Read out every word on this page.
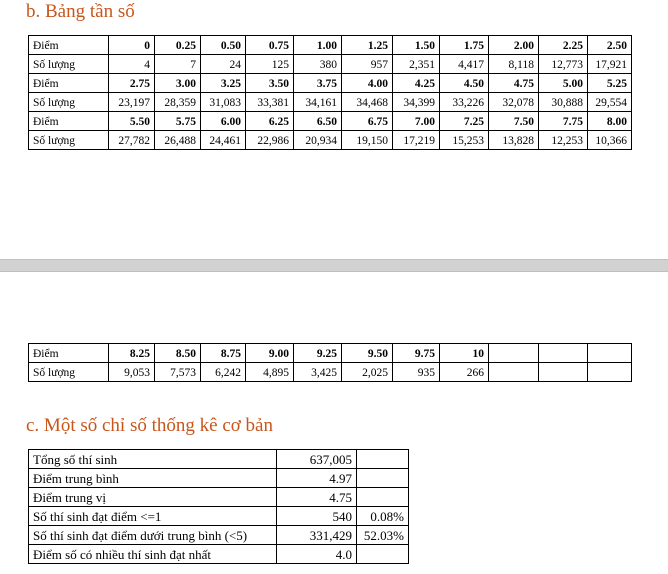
b. Bảng tần số
Điểm	0	0.25	0.50	0.75	1.00	1.25	1.50	1.75	2.00	2.25	2.50
Số lượng	4	7	24	125	380	957	2,351	4,417	8,118	12,773	17,921
Điểm	2.75	3.00	3.25	3.50	3.75	4.00	4.25	4.50	4.75	5.00	5.25
Số lượng	23,197	28,359	31,083	33,381	34,161	34,468	34,399	33,226	32,078	30,888	29,554
Điểm	5.50	5.75	6.00	6.25	6.50	6.75	7.00	7.25	7.50	7.75	8.00
Số lượng	27,782	26,488	24,461	22,986	20,934	19,150	17,219	15,253	13,828	12,253	10,366
Điểm	8.25	8.50	8.75	9.00	9.25	9.50	9.75	10			
Số lượng	9,053	7,573	6,242	4,895	3,425	2,025	935	266			
c. Một số chỉ số thống kê cơ bản
Tổng số thí sinh	637,005	
Điểm trung bình	4.97	
Điểm trung vị	4.75	
Số thí sinh đạt điểm <=1	540	0.08%
Số thí sinh đạt điểm dưới trung bình (<5)	331,429	52.03%
Điểm số có nhiều thí sinh đạt nhất	4.0	
